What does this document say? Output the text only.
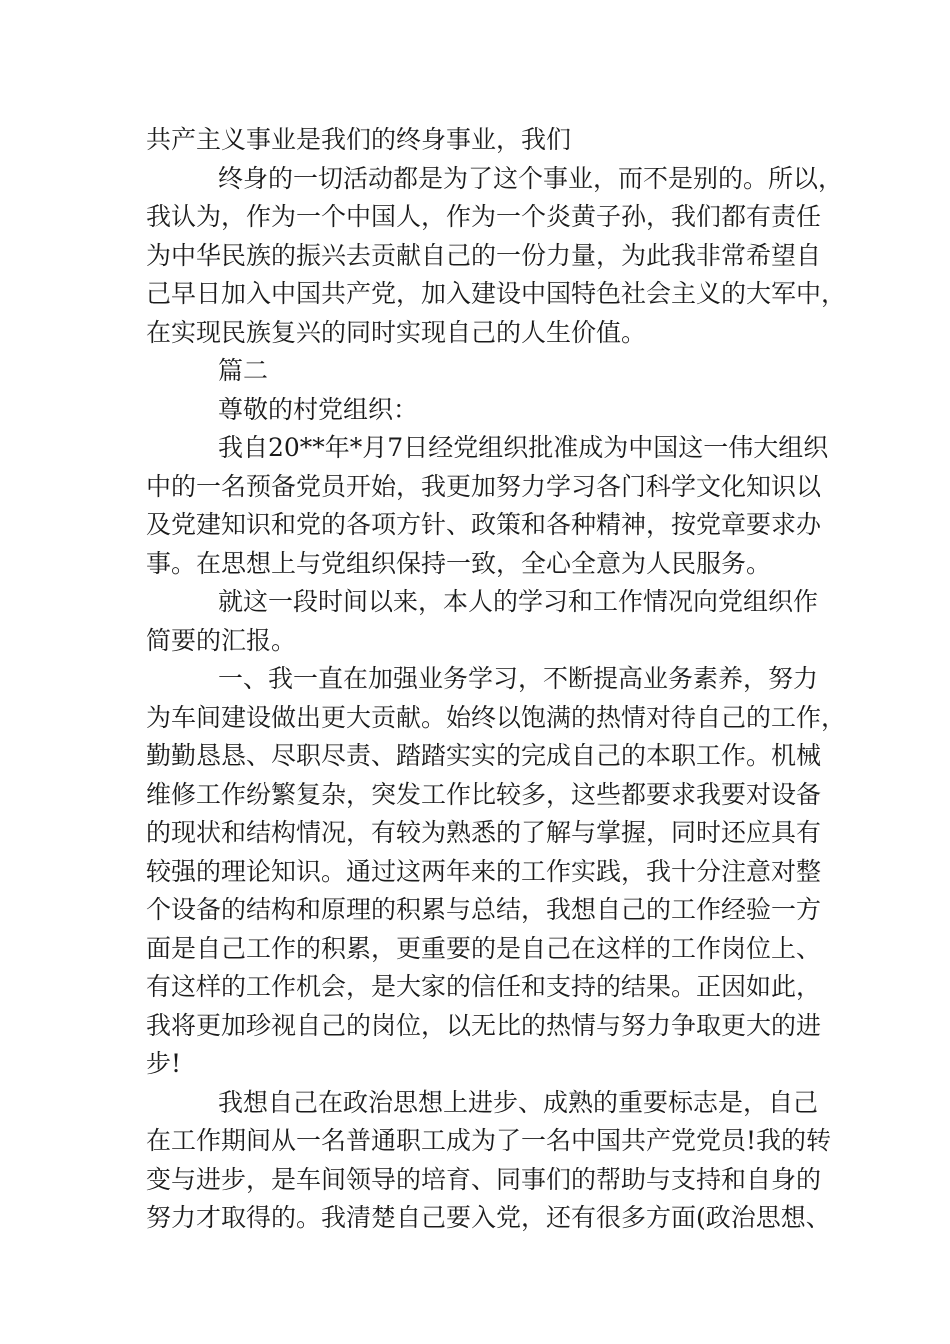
共产主义事业是我们的终身事业，我们
终身的一切活动都是为了这个事业，而不是别的。所以，
我认为，作为一个中国人，作为一个炎黄子孙，我们都有责任
为中华民族的振兴去贡献自己的一份力量，为此我非常希望自
己早日加入中国共产党，加入建设中国特色社会主义的大军中，
在实现民族复兴的同时实现自己的人生价值。
篇二
尊敬的村党组织：
我自20**年*月7日经党组织批准成为中国这一伟大组织
中的一名预备党员开始，我更加努力学习各门科学文化知识以
及党建知识和党的各项方针、政策和各种精神，按党章要求办
事。在思想上与党组织保持一致，全心全意为人民服务。
就这一段时间以来，本人的学习和工作情况向党组织作
简要的汇报。
一、我一直在加强业务学习，不断提高业务素养，努力
为车间建设做出更大贡献。始终以饱满的热情对待自己的工作，
勤勤恳恳、尽职尽责、踏踏实实的完成自己的本职工作。机械
维修工作纷繁复杂，突发工作比较多，这些都要求我要对设备
的现状和结构情况，有较为熟悉的了解与掌握，同时还应具有
较强的理论知识。通过这两年来的工作实践，我十分注意对整
个设备的结构和原理的积累与总结，我想自己的工作经验一方
面是自己工作的积累，更重要的是自己在这样的工作岗位上、
有这样的工作机会，是大家的信任和支持的结果。正因如此，
我将更加珍视自己的岗位，以无比的热情与努力争取更大的进
步!
我想自己在政治思想上进步、成熟的重要标志是，自己
在工作期间从一名普通职工成为了一名中国共产党党员!我的转
变与进步，是车间领导的培育、同事们的帮助与支持和自身的
努力才取得的。我清楚自己要入党，还有很多方面(政治思想、
